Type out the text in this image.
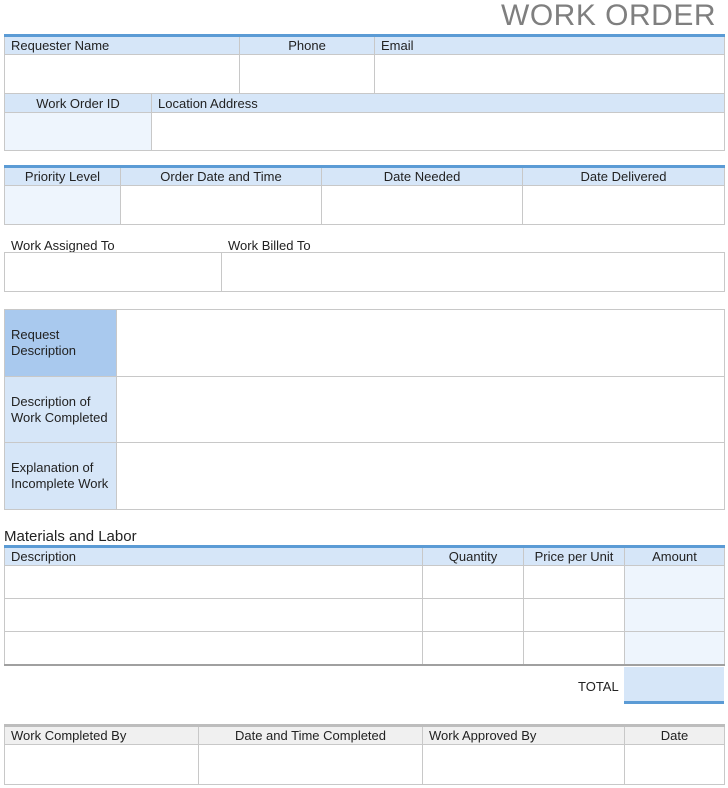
WORK ORDER
Requester Name	Phone	Email

Work Order ID	Location Address

Priority Level	Order Date and Time	Date Needed	Date Delivered

Work Assigned To	Work Billed To

Request Description	
Description of Work Completed	
Explanation of Incomplete Work	
Materials and Labor
Description	Quantity	Price per Unit	Amount

TOTAL
Work Completed By	Date and Time Completed	Work Approved By	Date
